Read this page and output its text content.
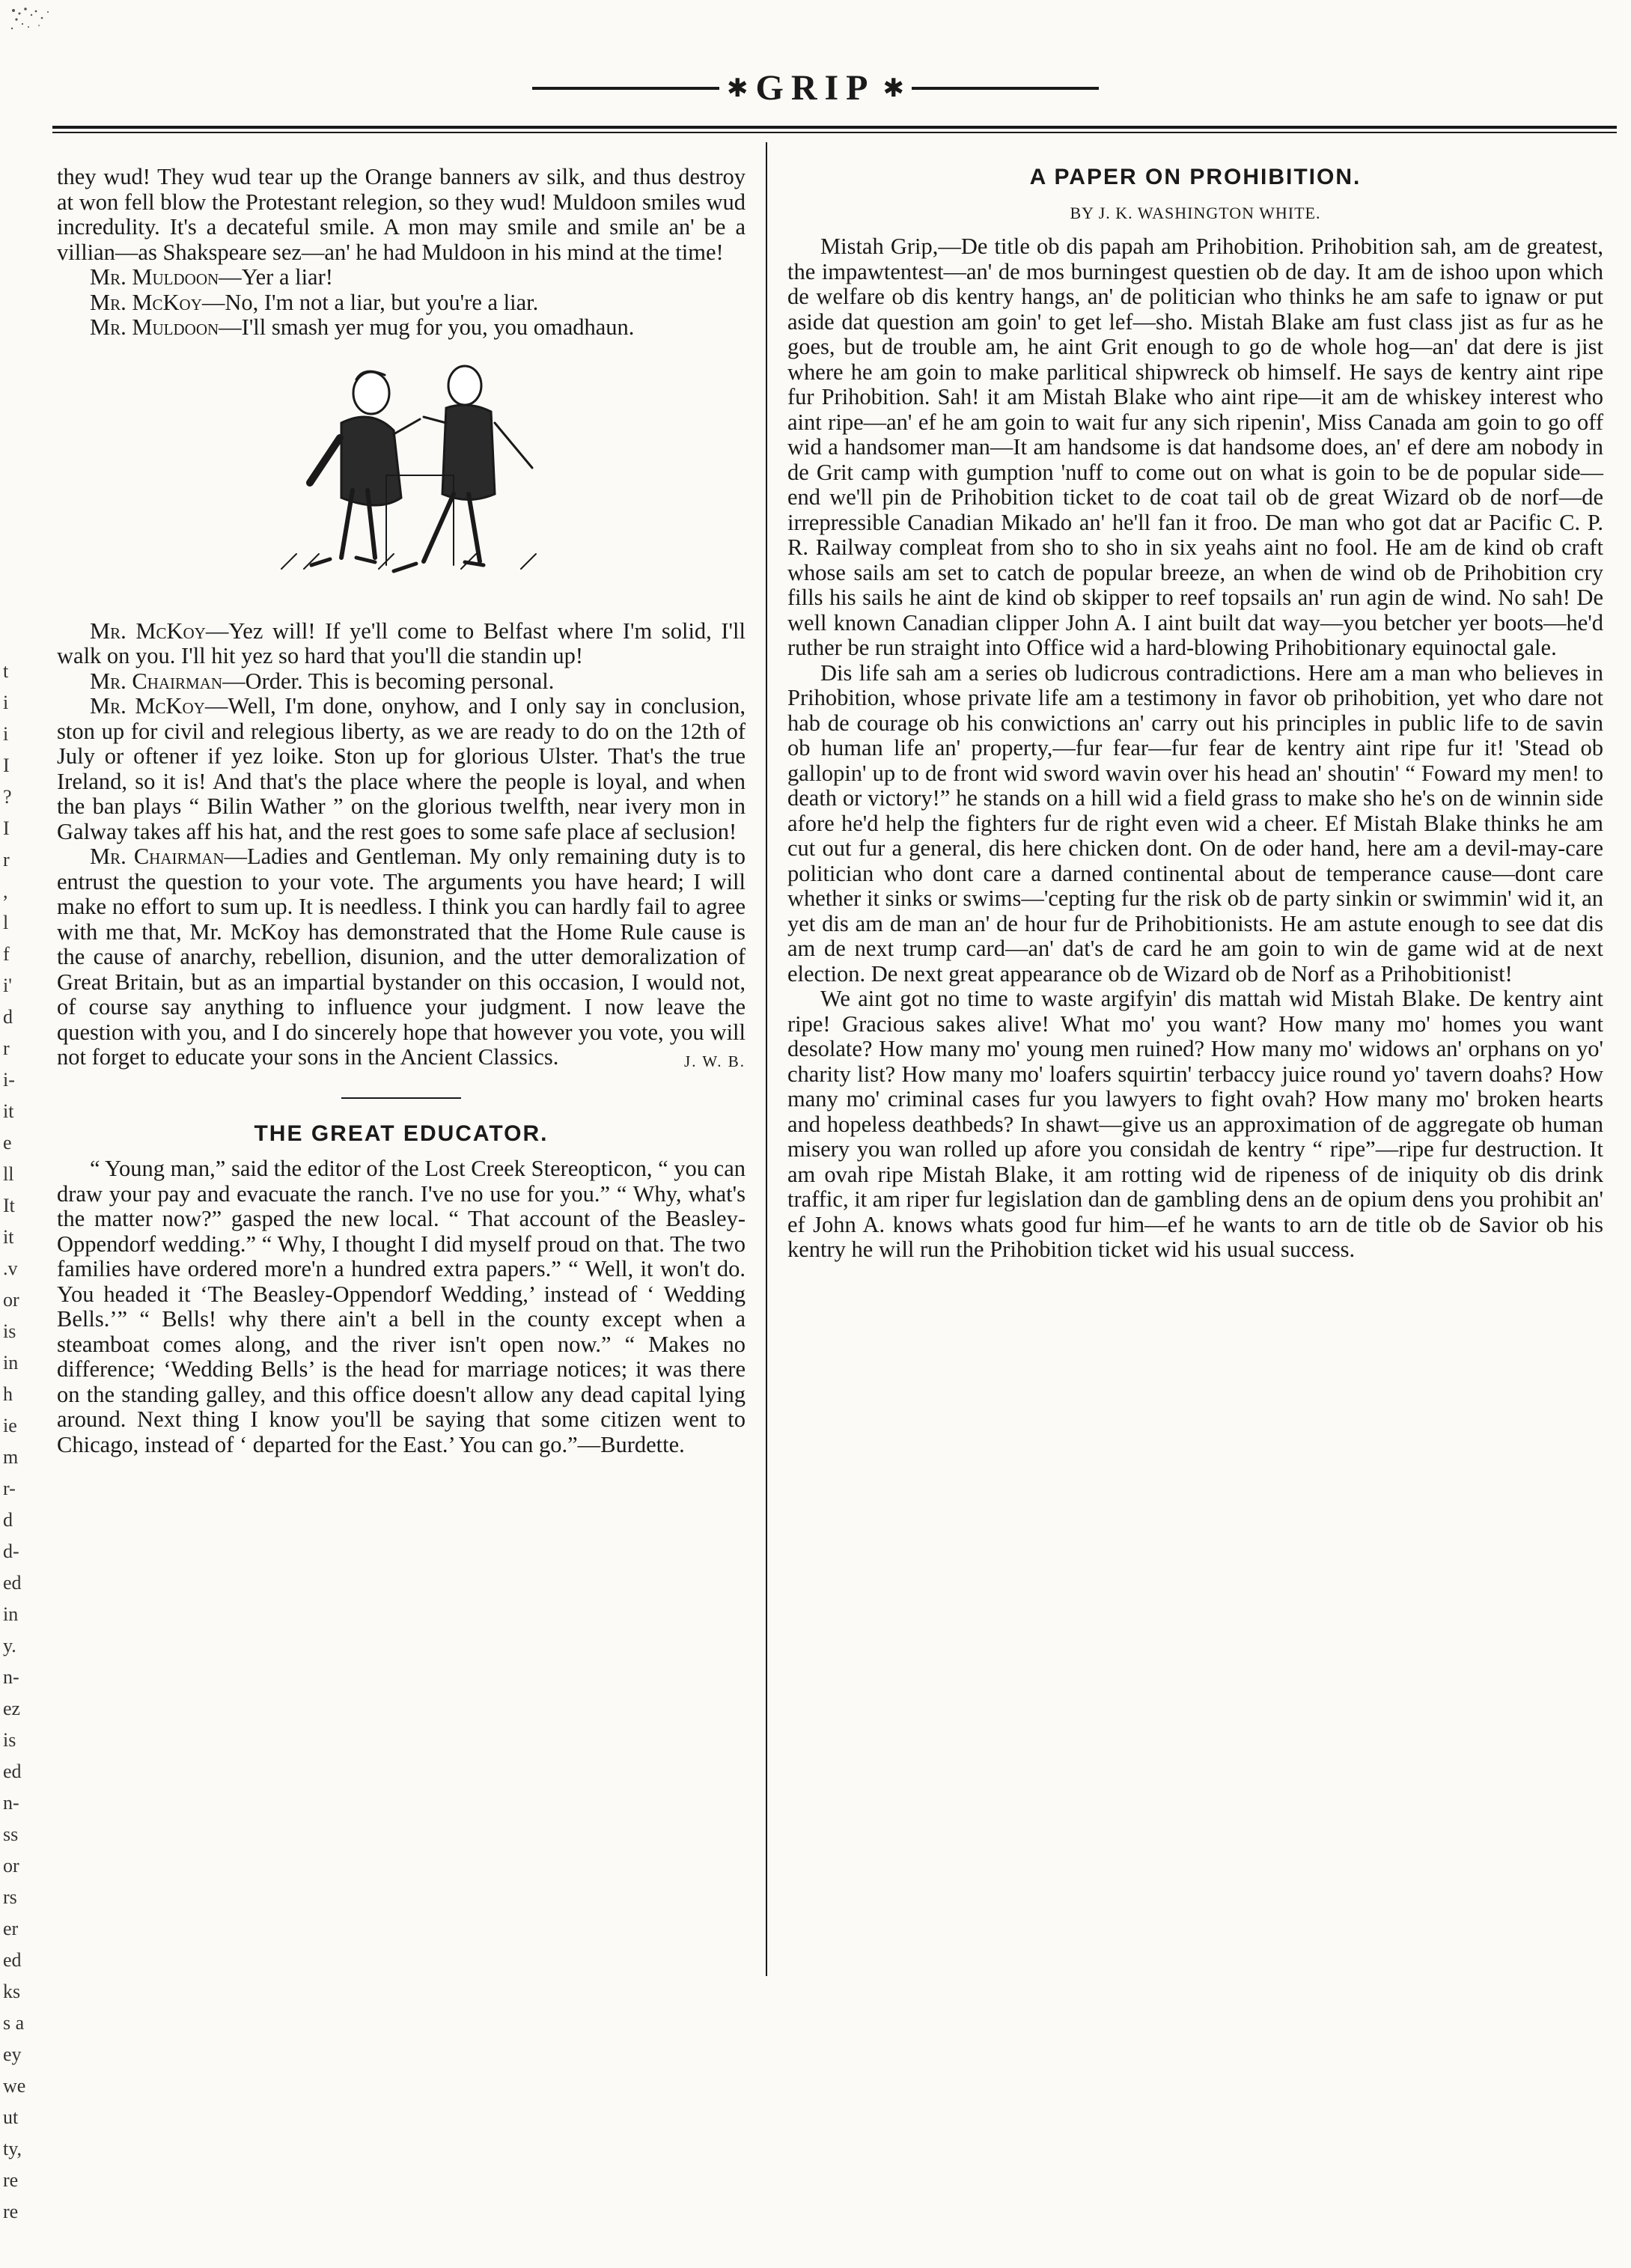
✱ GRIP ✱
t
i
i
I
?
I
r
,
l
f
i'
d
r
i-
it
e
ll
It
it
.v
or
is
in
h
ie
m
r-
d
d-
ed
in
y.
n-
ez
is
ed
n-
ss
or
rs
er
ed
ks
s a
ey
we
ut
ty,
re
re

they wud! They wud tear up the Orange banners av silk, and thus destroy at won fell blow the Protestant relegion, so they wud! Muldoon smiles wud incredulity. It's a decateful smile. A mon may smile and smile an' be a villian—as Shakspeare sez—an' he had Muldoon in his mind at the time!

Mr. Muldoon—Yer a liar!

Mr. McKoy—No, I'm not a liar, but you're a liar.

Mr. Muldoon—I'll smash yer mug for you, you omadhaun.

Mr. McKoy—Yez will! If ye'll come to Belfast where I'm solid, I'll walk on you. I'll hit yez so hard that you'll die standin up!

Mr. Chairman—Order. This is becoming personal.

Mr. McKoy—Well, I'm done, onyhow, and I only say in conclusion, ston up for civil and relegious liberty, as we are ready to do on the 12th of July or oftener if yez loike. Ston up for glorious Ulster. That's the true Ireland, so it is! And that's the place where the people is loyal, and when the ban plays “ Bilin Wather ” on the glorious twelfth, near ivery mon in Galway takes aff his hat, and the rest goes to some safe place af seclusion!

Mr. Chairman—Ladies and Gentleman. My only remaining duty is to entrust the question to your vote. The arguments you have heard; I will make no effort to sum up. It is needless. I think you can hardly fail to agree with me that, Mr. McKoy has demonstrated that the Home Rule cause is the cause of anarchy, rebellion, disunion, and the utter demoralization of Great Britain, but as an impartial bystander on this occasion, I would not, of course say anything to influence your judgment. I now leave the question with you, and I do sincerely hope that however you vote, you will not forget to educate your sons in the Ancient Classics.	J. W. B.

THE GREAT EDUCATOR.

“ Young man,” said the editor of the Lost Creek Stereopticon, “ you can draw your pay and evacuate the ranch. I've no use for you.” “ Why, what's the matter now?” gasped the new local. “ That account of the Beasley-Oppendorf wedding.” “ Why, I thought I did myself proud on that. The two families have ordered more'n a hundred extra papers.” “ Well, it won't do. You headed it ‘The Beasley-Oppendorf Wedding,’ instead of ‘ Wedding Bells.’” “ Bells! why there ain't a bell in the county except when a steamboat comes along, and the river isn't open now.” “ Makes no difference; ‘Wedding Bells’ is the head for marriage notices; it was there on the standing galley, and this office doesn't allow any dead capital lying around. Next thing I know you'll be saying that some citizen went to Chicago, instead of ‘ departed for the East.’ You can go.”—Burdette.

A PAPER ON PROHIBITION.
BY J. K. WASHINGTON WHITE.

Mistah Grip,—De title ob dis papah am Prihobition. Prihobition sah, am de greatest, the impawtentest—an' de mos burningest questien ob de day. It am de ishoo upon which de welfare ob dis kentry hangs, an' de politician who thinks he am safe to ignaw or put aside dat question am goin' to get lef—sho. Mistah Blake am fust class jist as fur as he goes, but de trouble am, he aint Grit enough to go de whole hog—an' dat dere is jist where he am goin to make parlitical shipwreck ob himself. He says de kentry aint ripe fur Prihobition. Sah! it am Mistah Blake who aint ripe—it am de whiskey interest who aint ripe—an' ef he am goin to wait fur any sich ripenin', Miss Canada am goin to go off wid a handsomer man—It am handsome is dat handsome does, an' ef dere am nobody in de Grit camp with gumption 'nuff to come out on what is goin to be de popular side—end we'll pin de Prihobition ticket to de coat tail ob de great Wizard ob de norf—de irrepressible Canadian Mikado an' he'll fan it froo. De man who got dat ar Pacific C. P. R. Railway compleat from sho to sho in six yeahs aint no fool. He am de kind ob craft whose sails am set to catch de popular breeze, an when de wind ob de Prihobition cry fills his sails he aint de kind ob skipper to reef topsails an' run agin de wind. No sah! De well known Canadian clipper John A. I aint built dat way—you betcher yer boots—he'd ruther be run straight into Office wid a hard-blowing Prihobitionary equinoctal gale.

Dis life sah am a series ob ludicrous contradictions. Here am a man who believes in Prihobition, whose private life am a testimony in favor ob prihobition, yet who dare not hab de courage ob his conwictions an' carry out his principles in public life to de savin ob human life an' property,—fur fear—fur fear de kentry aint ripe fur it! 'Stead ob gallopin' up to de front wid sword wavin over his head an' shoutin' “ Foward my men! to death or victory!” he stands on a hill wid a field grass to make sho he's on de winnin side afore he'd help the fighters fur de right even wid a cheer. Ef Mistah Blake thinks he am cut out fur a general, dis here chicken dont. On de oder hand, here am a devil-may-care politician who dont care a darned continental about de temperance cause—dont care whether it sinks or swims—'cepting fur the risk ob de party sinkin or swimmin' wid it, an yet dis am de man an' de hour fur de Prihobitionists. He am astute enough to see dat dis am de next trump card—an' dat's de card he am goin to win de game wid at de next election. De next great appearance ob de Wizard ob de Norf as a Prihobitionist!

We aint got no time to waste argifyin' dis mattah wid Mistah Blake. De kentry aint ripe! Gracious sakes alive! What mo' you want? How many mo' homes you want desolate? How many mo' young men ruined? How many mo' widows an' orphans on yo' charity list? How many mo' loafers squirtin' terbaccy juice round yo' tavern doahs? How many mo' criminal cases fur you lawyers to fight ovah? How many mo' broken hearts and hopeless deathbeds? In shawt—give us an approximation of de aggregate ob human misery you wan rolled up afore you considah de kentry “ ripe”—ripe fur destruction. It am ovah ripe Mistah Blake, it am rotting wid de ripeness of de iniquity ob dis drink traffic, it am riper fur legislation dan de gambling dens an de opium dens you prohibit an' ef John A. knows whats good fur him—ef he wants to arn de title ob de Savior ob his kentry he will run the Prihobition ticket wid his usual success.
